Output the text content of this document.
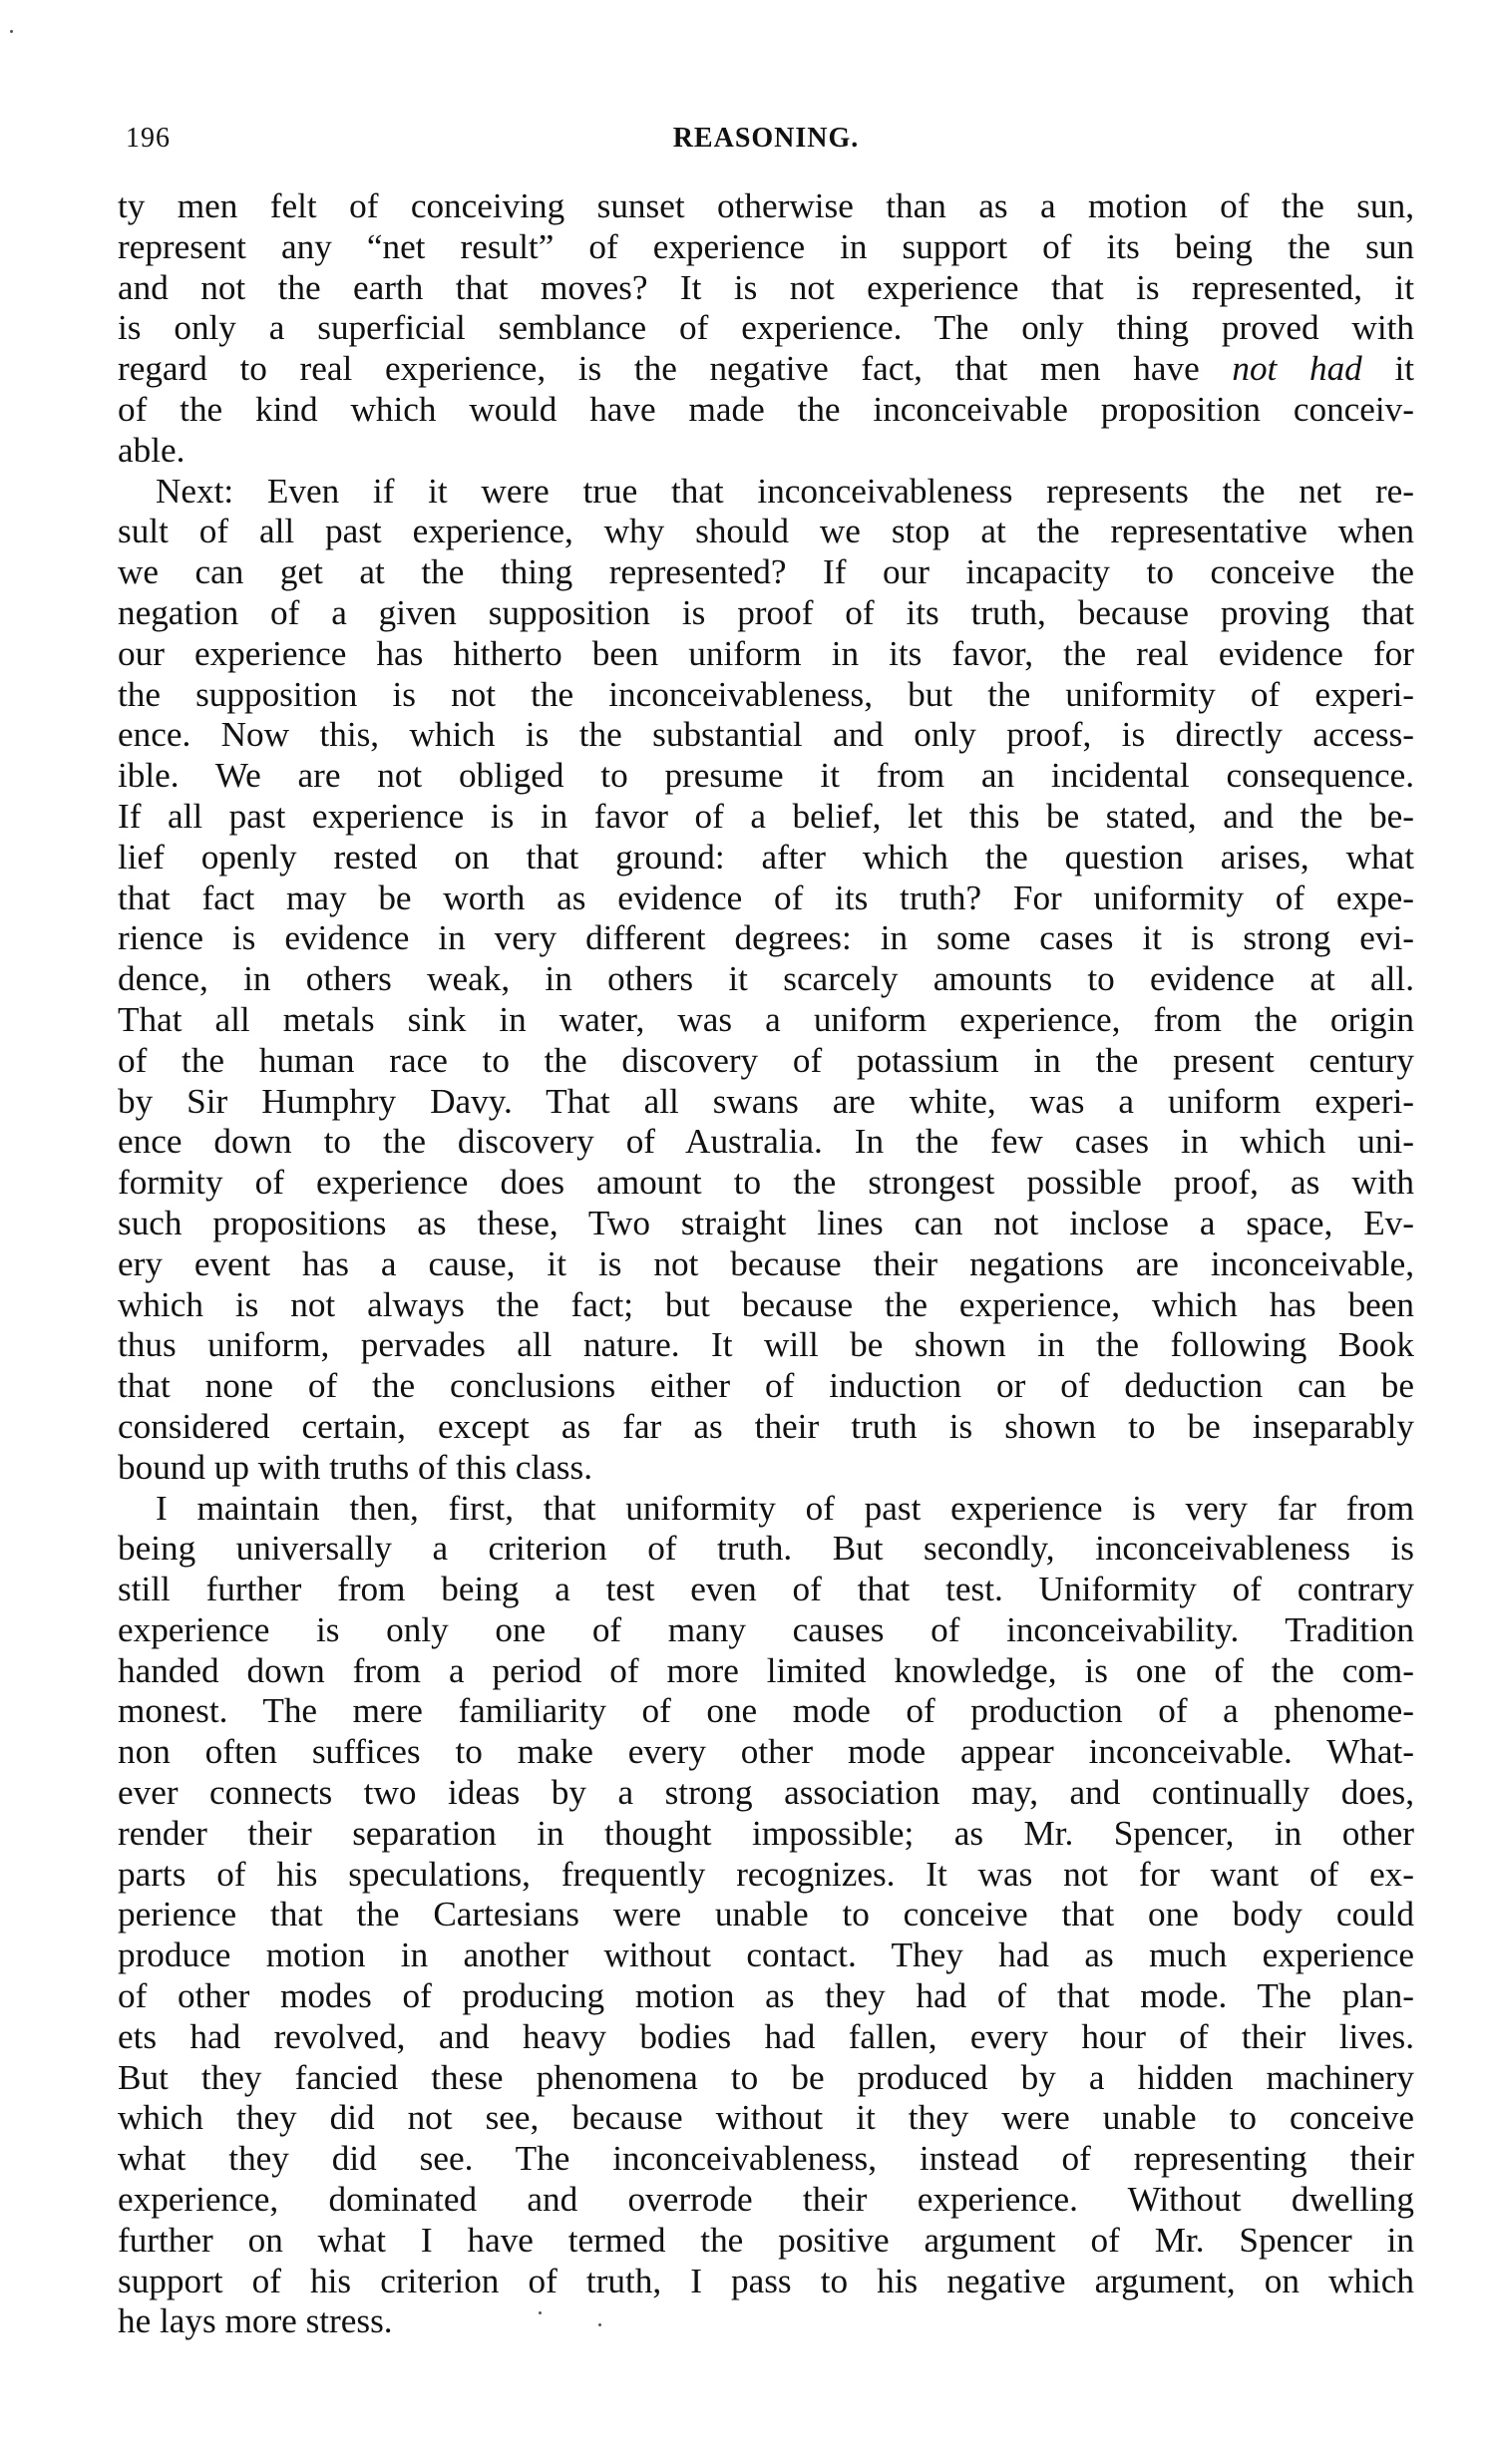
196	REASONING.
ty men felt of conceiving sunset otherwise than as a motion of the sun,
represent any “net result” of experience in support of its being the sun
and not the earth that moves? It is not experience that is represented, it
is only a superficial semblance of experience. The only thing proved with
regard to real experience, is the negative fact, that men have not had it
of the kind which would have made the inconceivable proposition conceiv-
able.
Next: Even if it were true that inconceivableness represents the net re-
sult of all past experience, why should we stop at the representative when
we can get at the thing represented? If our incapacity to conceive the
negation of a given supposition is proof of its truth, because proving that
our experience has hitherto been uniform in its favor, the real evidence for
the supposition is not the inconceivableness, but the uniformity of experi-
ence. Now this, which is the substantial and only proof, is directly access-
ible. We are not obliged to presume it from an incidental consequence.
If all past experience is in favor of a belief, let this be stated, and the be-
lief openly rested on that ground: after which the question arises, what
that fact may be worth as evidence of its truth? For uniformity of expe-
rience is evidence in very different degrees: in some cases it is strong evi-
dence, in others weak, in others it scarcely amounts to evidence at all.
That all metals sink in water, was a uniform experience, from the origin
of the human race to the discovery of potassium in the present century
by Sir Humphry Davy. That all swans are white, was a uniform experi-
ence down to the discovery of Australia. In the few cases in which uni-
formity of experience does amount to the strongest possible proof, as with
such propositions as these, Two straight lines can not inclose a space, Ev-
ery event has a cause, it is not because their negations are inconceivable,
which is not always the fact; but because the experience, which has been
thus uniform, pervades all nature. It will be shown in the following Book
that none of the conclusions either of induction or of deduction can be
considered certain, except as far as their truth is shown to be inseparably
bound up with truths of this class.
I maintain then, first, that uniformity of past experience is very far from
being universally a criterion of truth. But secondly, inconceivableness is
still further from being a test even of that test. Uniformity of contrary
experience is only one of many causes of inconceivability. Tradition
handed down from a period of more limited knowledge, is one of the com-
monest. The mere familiarity of one mode of production of a phenome-
non often suffices to make every other mode appear inconceivable. What-
ever connects two ideas by a strong association may, and continually does,
render their separation in thought impossible; as Mr. Spencer, in other
parts of his speculations, frequently recognizes. It was not for want of ex-
perience that the Cartesians were unable to conceive that one body could
produce motion in another without contact. They had as much experience
of other modes of producing motion as they had of that mode. The plan-
ets had revolved, and heavy bodies had fallen, every hour of their lives.
But they fancied these phenomena to be produced by a hidden machinery
which they did not see, because without it they were unable to conceive
what they did see. The inconceivableness, instead of representing their
experience, dominated and overrode their experience. Without dwelling
further on what I have termed the positive argument of Mr. Spencer in
support of his criterion of truth, I pass to his negative argument, on which
he lays more stress.
